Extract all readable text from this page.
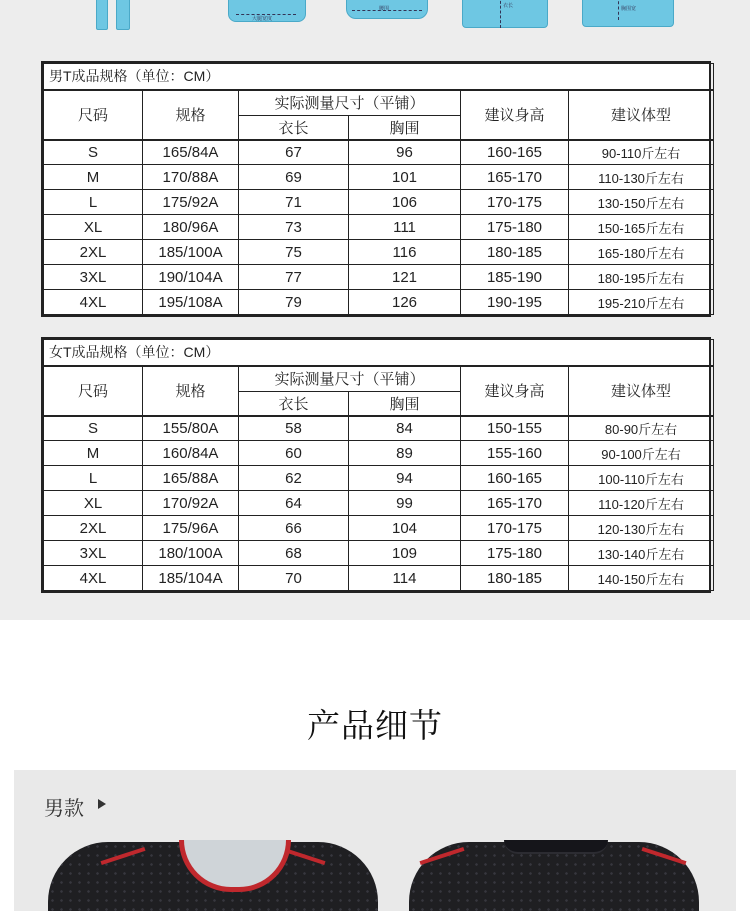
大腿宽度
腰围	衣长	胸围宽
男T成品规格（单位：CM）					
尺码	规格	实际测量尺寸（平铺）		建议身高	建议体型
		衣长	胸围		
S	165/84A	67	96	160-165	90-110斤左右
M	170/88A	69	101	165-170	110-130斤左右
L	175/92A	71	106	170-175	130-150斤左右
XL	180/96A	73	111	175-180	150-165斤左右
2XL	185/100A	75	116	180-185	165-180斤左右
3XL	190/104A	77	121	185-190	180-195斤左右
4XL	195/108A	79	126	190-195	195-210斤左右
女T成品规格（单位：CM）					
尺码	规格	实际测量尺寸（平铺）		建议身高	建议体型
		衣长	胸围		
S	155/80A	58	84	150-155	80-90斤左右
M	160/84A	60	89	155-160	90-100斤左右
L	165/88A	62	94	160-165	100-110斤左右
XL	170/92A	64	99	165-170	110-120斤左右
2XL	175/96A	66	104	170-175	120-130斤左右
3XL	180/100A	68	109	175-180	130-140斤左右
4XL	185/104A	70	114	180-185	140-150斤左右
产品细节
男款
